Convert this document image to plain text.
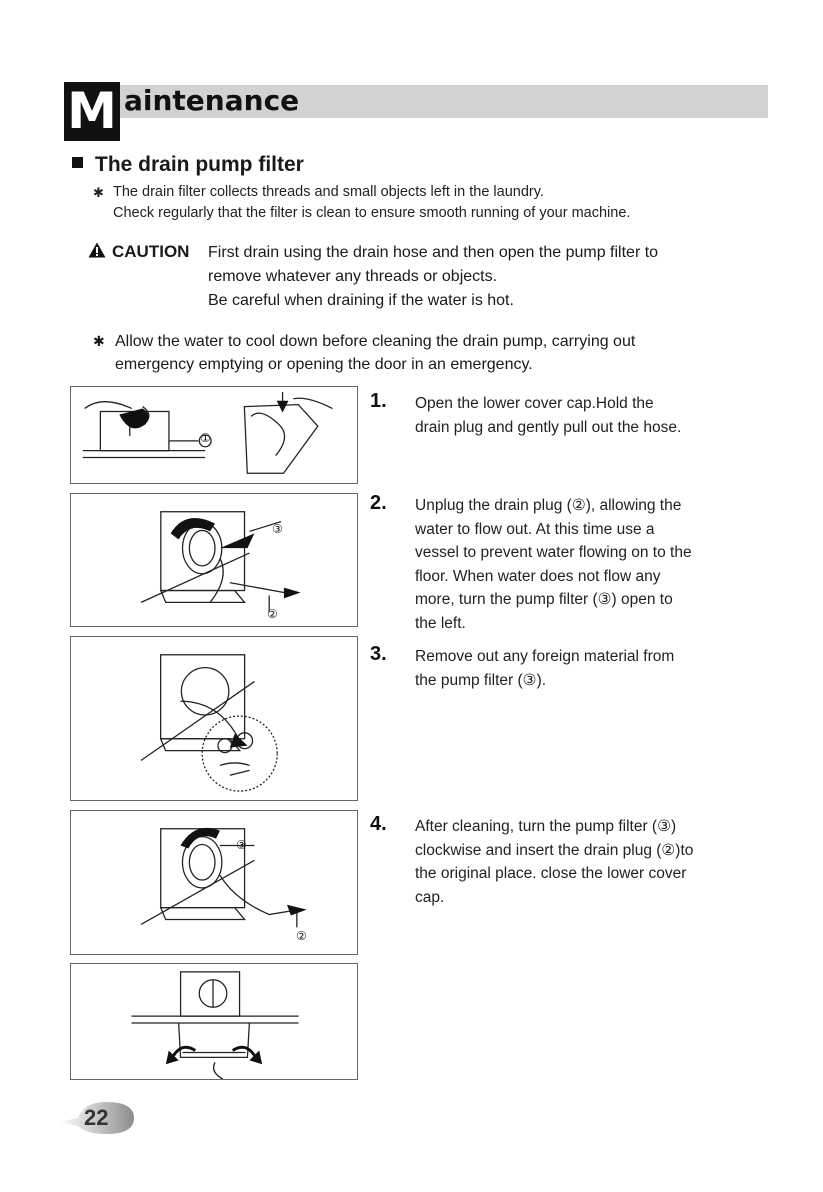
M aintenance
The drain pump filter
✱ The drain filter collects threads and small objects left in the laundry.
Check regularly that the filter is clean to ensure smooth running of your machine.
CAUTION First drain using the drain hose and then open the pump filter to
remove whatever any threads or objects.
Be careful when draining if the water is hot.
✱ Allow the water to cool down before cleaning the drain pump, carrying out
emergency emptying or opening the door in an emergency.
①
③
②
③
②
1. Open the lower cover cap.Hold the
drain plug and gently pull out the hose.
2. Unplug the drain plug (②), allowing the
water to flow out. At this time use a
vessel to prevent water flowing on to the
floor. When water does not flow any
more, turn the pump filter (③) open to
the left.
3. Remove out any foreign material from
the pump filter (③).
4. After cleaning, turn the pump filter (③)
clockwise and insert the drain plug (②)to
the original place. close the lower cover
cap.
22
